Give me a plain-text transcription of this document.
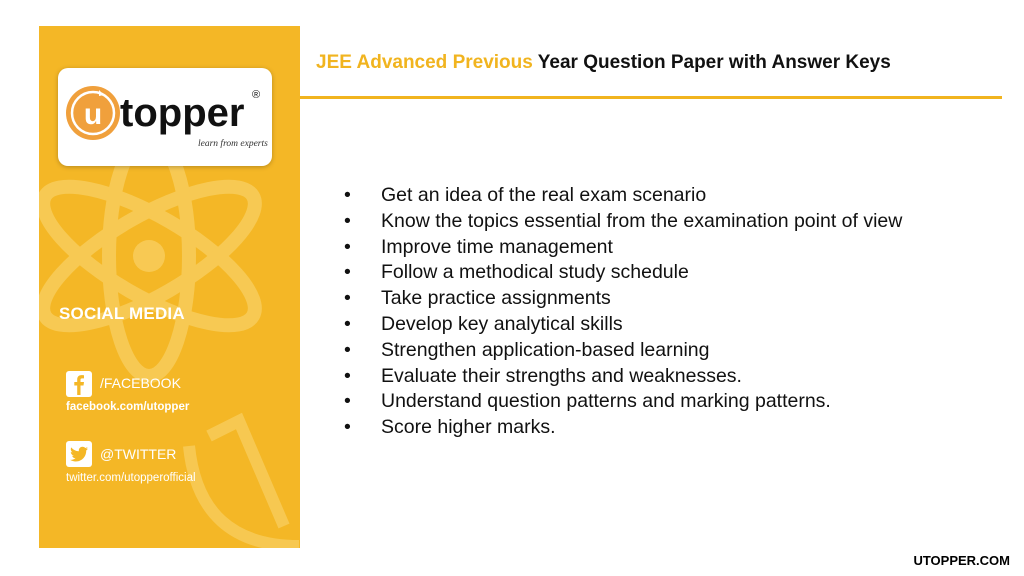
u topper ®
learn from experts
SOCIAL MEDIA
/FACEBOOK
facebook.com/utopper
@TWITTER
twitter.com/utopperofficial
JEE Advanced Previous Year Question Paper with Answer Keys
• Get an idea of the real exam scenario
• Know the topics essential from the examination point of view
• Improve time management
• Follow a methodical study schedule
• Take practice assignments
• Develop key analytical skills
• Strengthen application-based learning
• Evaluate their strengths and weaknesses.
• Understand question patterns and marking patterns.
• Score higher marks.
UTOPPER.COM
